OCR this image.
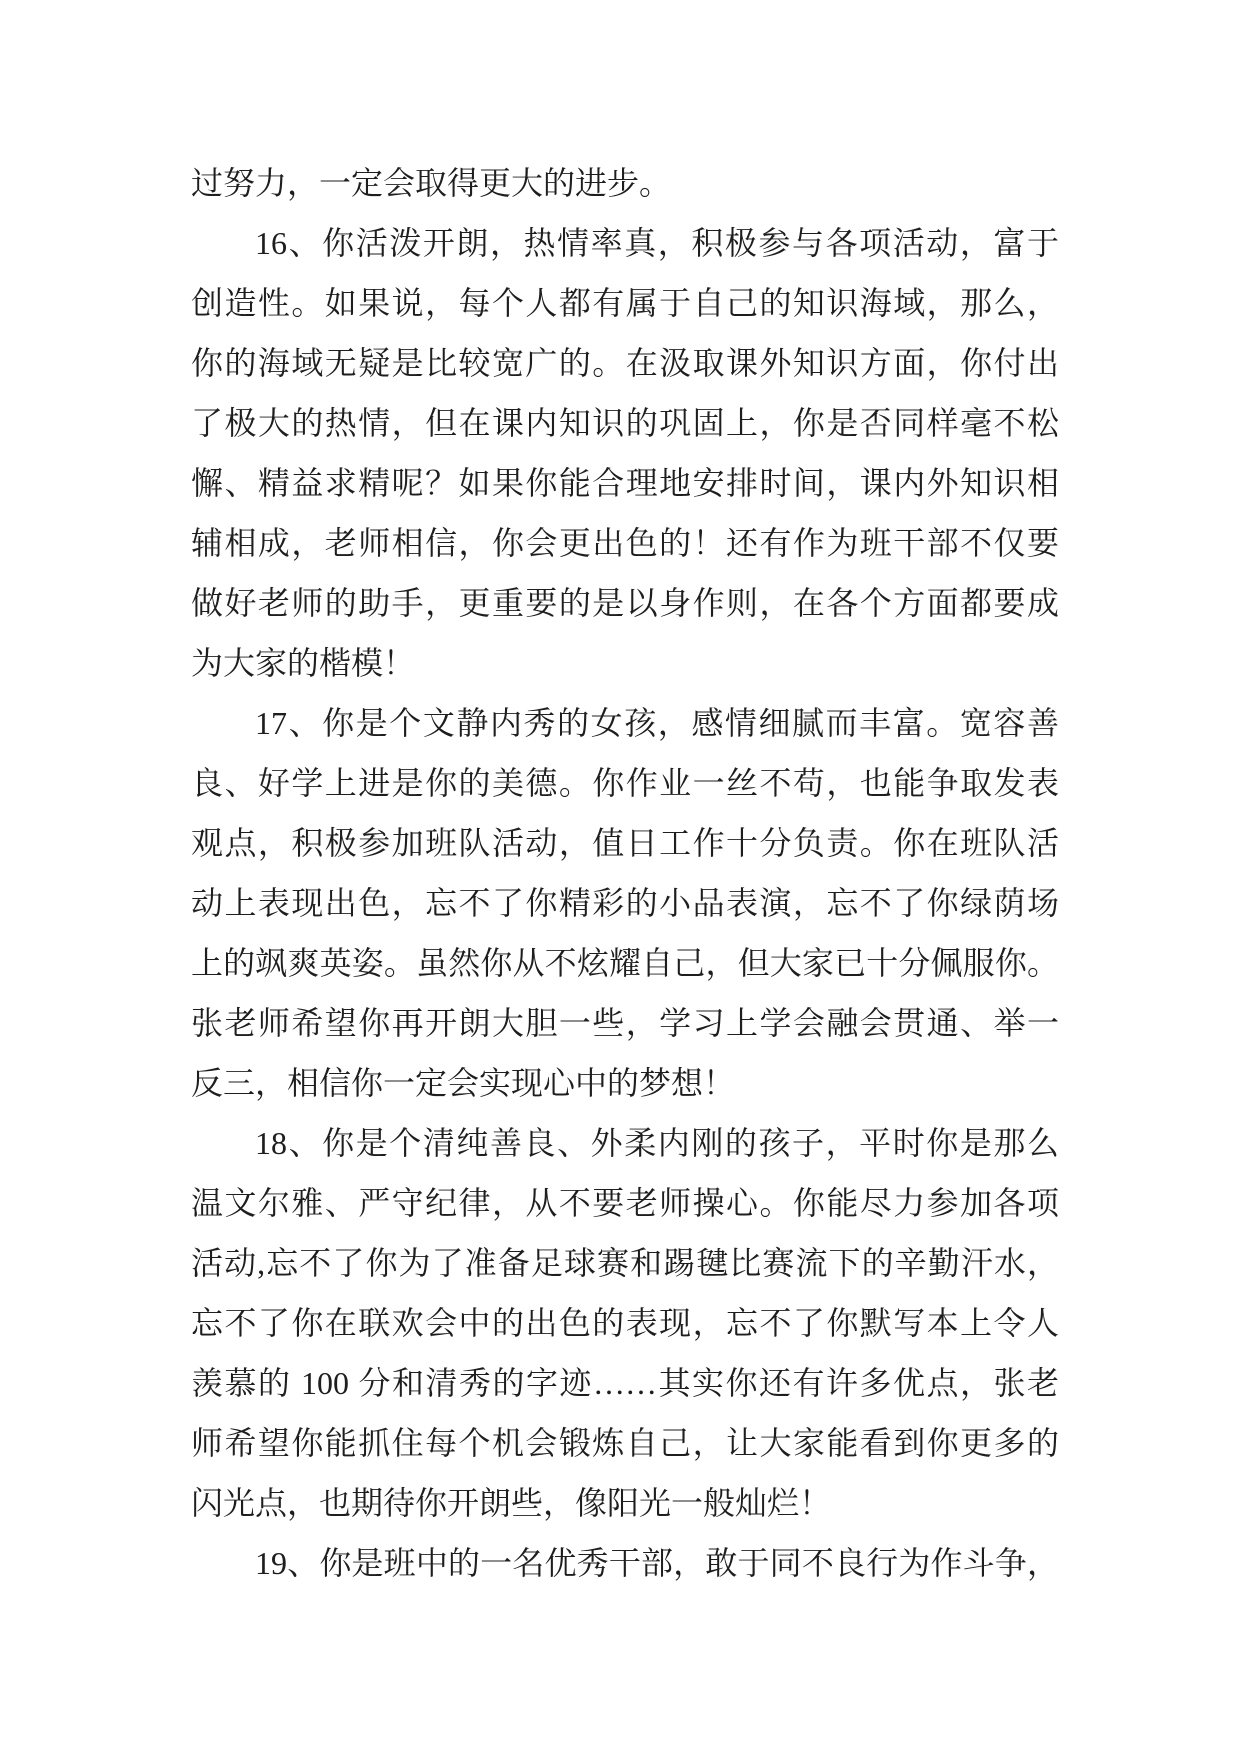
过努力，一定会取得更大的进步。
16、你活泼开朗，热情率真，积极参与各项活动，富于
创造性。如果说，每个人都有属于自己的知识海域，那么，
你的海域无疑是比较宽广的。在汲取课外知识方面，你付出
了极大的热情，但在课内知识的巩固上，你是否同样毫不松
懈、精益求精呢？如果你能合理地安排时间，课内外知识相
辅相成，老师相信，你会更出色的！还有作为班干部不仅要
做好老师的助手，更重要的是以身作则，在各个方面都要成
为大家的楷模！
17、你是个文静内秀的女孩，感情细腻而丰富。宽容善
良、好学上进是你的美德。你作业一丝不苟，也能争取发表
观点，积极参加班队活动，值日工作十分负责。你在班队活
动上表现出色，忘不了你精彩的小品表演，忘不了你绿荫场
上的飒爽英姿。虽然你从不炫耀自己，但大家已十分佩服你。
张老师希望你再开朗大胆一些，学习上学会融会贯通、举一
反三，相信你一定会实现心中的梦想！
18、你是个清纯善良、外柔内刚的孩子，平时你是那么
温文尔雅、严守纪律，从不要老师操心。你能尽力参加各项
活动,忘不了你为了准备足球赛和踢毽比赛流下的辛勤汗水，
忘不了你在联欢会中的出色的表现，忘不了你默写本上令人
羡慕的 100 分和清秀的字迹……其实你还有许多优点，张老
师希望你能抓住每个机会锻炼自己，让大家能看到你更多的
闪光点，也期待你开朗些，像阳光一般灿烂！
19、你是班中的一名优秀干部，敢于同不良行为作斗争，
